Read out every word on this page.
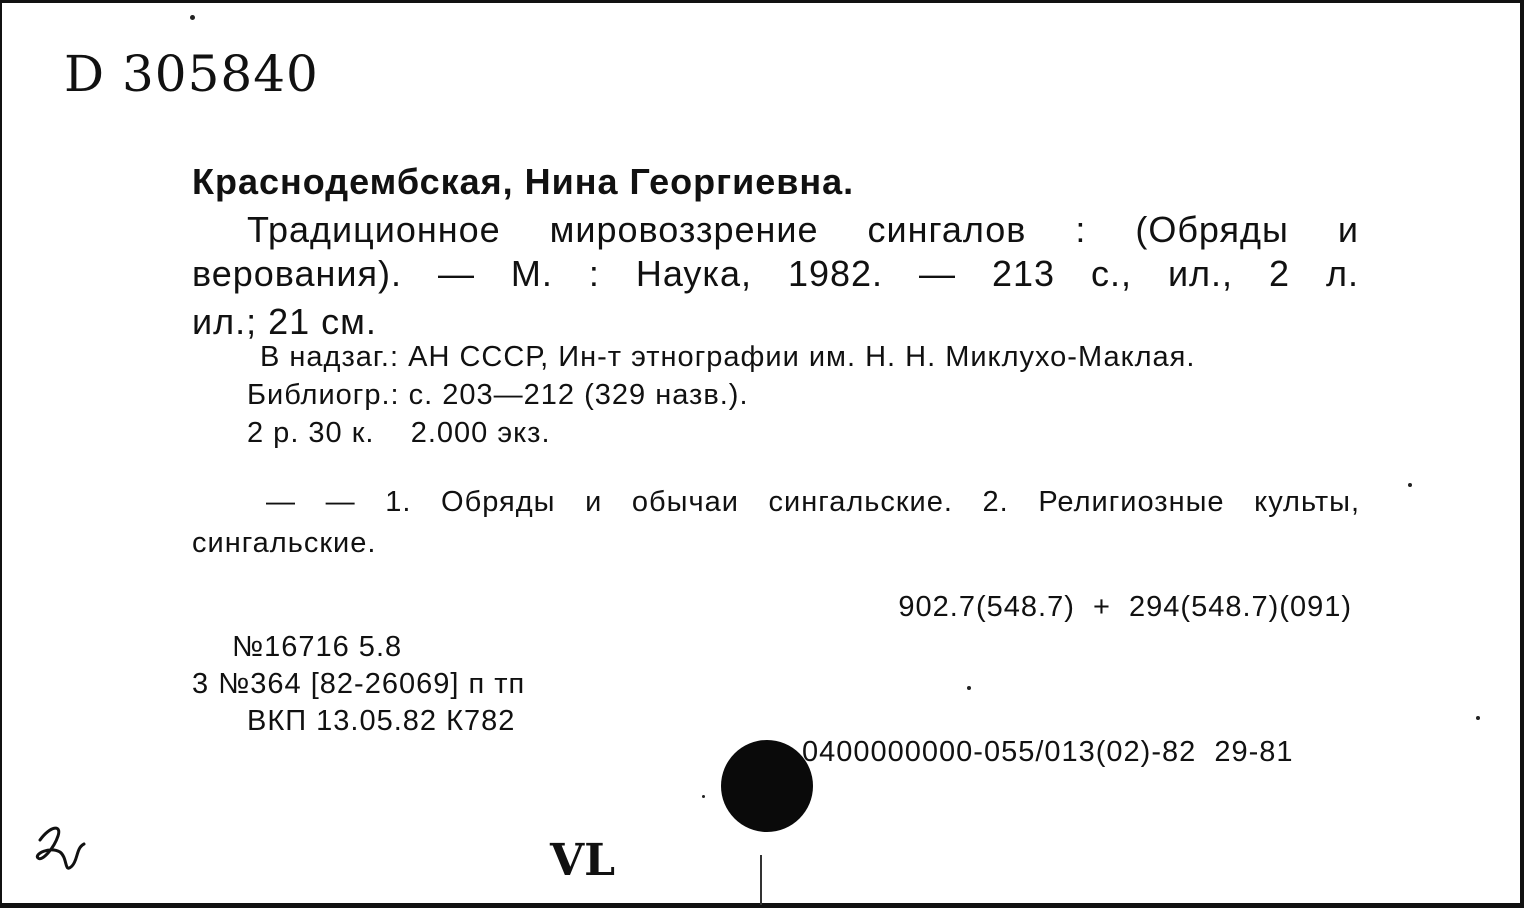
D 305840
Краснодембская, Нина Георгиевна.
Традиционное мировоззрение сингалов : (Обряды и
верования). — М. : Наука, 1982. — 213 с., ил., 2 л.
ил.; 21 см.
В надзаг.: АН СССР, Ин-т этнографии им. Н. Н. Миклухо-Маклая.
Библиогр.: с. 203—212 (329 назв.).
2 р. 30 к.    2.000 экз.
— — 1. Обряды и обычаи сингальские. 2. Религиозные культы,
сингальские.
902.7(548.7)  +  294(548.7)(091)
№16716 5.8
3 №364 [82-26069] п тп
ВКП 13.05.82 К782
0400000000-055/013(02)-82  29-81
VL
